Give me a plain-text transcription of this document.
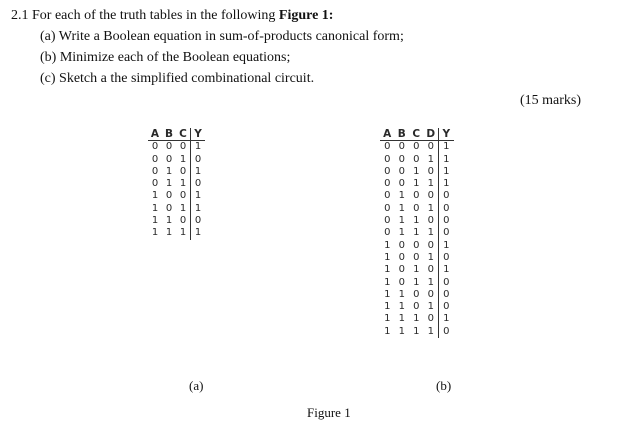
2.1 For each of the truth tables in the following Figure 1:
(a) Write a Boolean equation in sum-of-products canonical form;
(b) Minimize each of the Boolean equations;
(c) Sketch a the simplified combinational circuit.
(15 marks)
A	B	C	Y
0	0	0	1
0	0	1	0
0	1	0	1
0	1	1	0
1	0	0	1
1	0	1	1
1	1	0	0
1	1	1	1
A	B	C	D	Y
0	0	0	0	1
0	0	0	1	1
0	0	1	0	1
0	0	1	1	1
0	1	0	0	0
0	1	0	1	0
0	1	1	0	0
0	1	1	1	0
1	0	0	0	1
1	0	0	1	0
1	0	1	0	1
1	0	1	1	0
1	1	0	0	0
1	1	0	1	0
1	1	1	0	1
1	1	1	1	0
(a)	(b)
Figure 1
